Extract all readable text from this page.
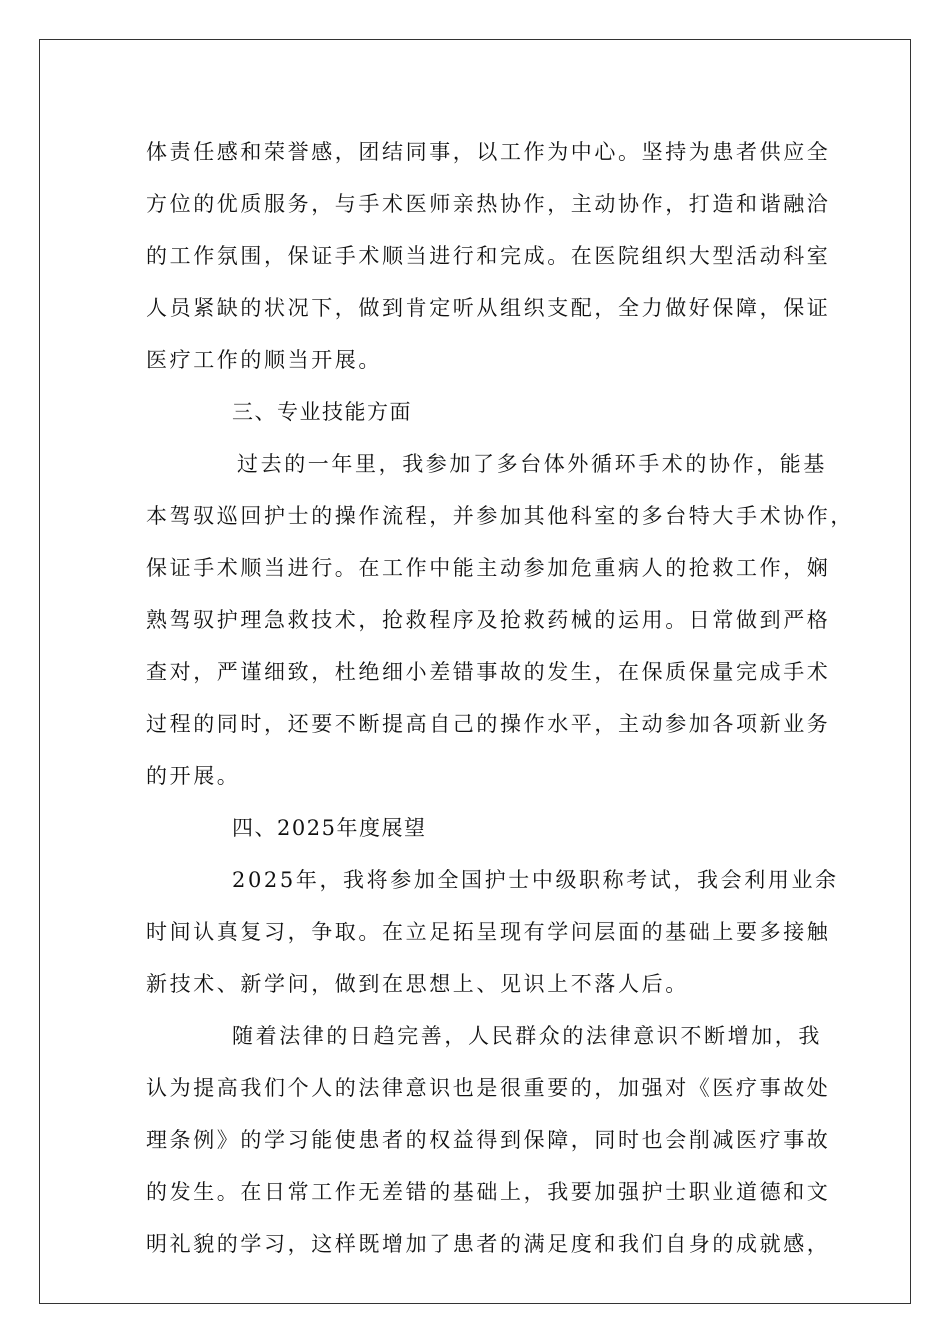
体责任感和荣誉感，团结同事，以工作为中心。坚持为患者供应全
方位的优质服务，与手术医师亲热协作，主动协作，打造和谐融洽
的工作氛围，保证手术顺当进行和完成。在医院组织大型活动科室
人员紧缺的状况下，做到肯定听从组织支配，全力做好保障，保证
医疗工作的顺当开展。
三、专业技能方面
过去的一年里，我参加了多台体外循环手术的协作，能基
本驾驭巡回护士的操作流程，并参加其他科室的多台特大手术协作，
保证手术顺当进行。在工作中能主动参加危重病人的抢救工作，娴
熟驾驭护理急救技术，抢救程序及抢救药械的运用。日常做到严格
查对，严谨细致，杜绝细小差错事故的发生，在保质保量完成手术
过程的同时，还要不断提高自己的操作水平，主动参加各项新业务
的开展。
四、2025年度展望
2025年，我将参加全国护士中级职称考试，我会利用业余
时间认真复习，争取。在立足拓呈现有学问层面的基础上要多接触
新技术、新学问，做到在思想上、见识上不落人后。
随着法律的日趋完善，人民群众的法律意识不断增加，我
认为提高我们个人的法律意识也是很重要的，加强对《医疗事故处
理条例》的学习能使患者的权益得到保障，同时也会削减医疗事故
的发生。在日常工作无差错的基础上，我要加强护士职业道德和文
明礼貌的学习，这样既增加了患者的满足度和我们自身的成就感，
